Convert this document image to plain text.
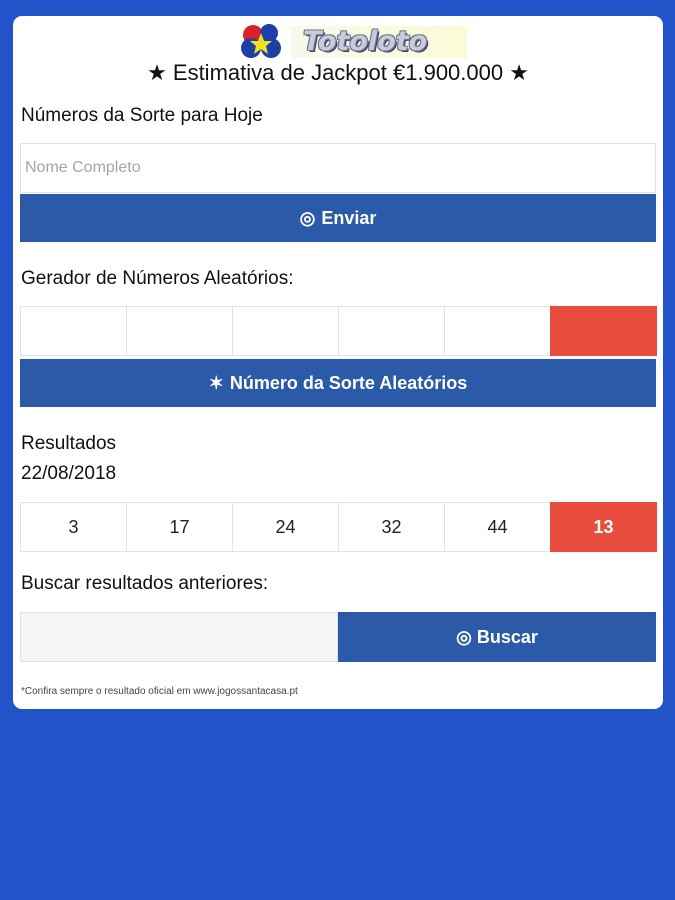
Totoloto
★ Estimativa de Jackpot €1.900.000 ★
Números da Sorte para Hoje
Nome Completo
◎ Enviar
Gerador de Números Aleatórios:
✶ Número da Sorte Aleatórios
Resultados
22/08/2018
3	17	24	32	44	13
Buscar resultados anteriores:
◎ Buscar
*Confira sempre o resultado oficial em www.jogossantacasa.pt
